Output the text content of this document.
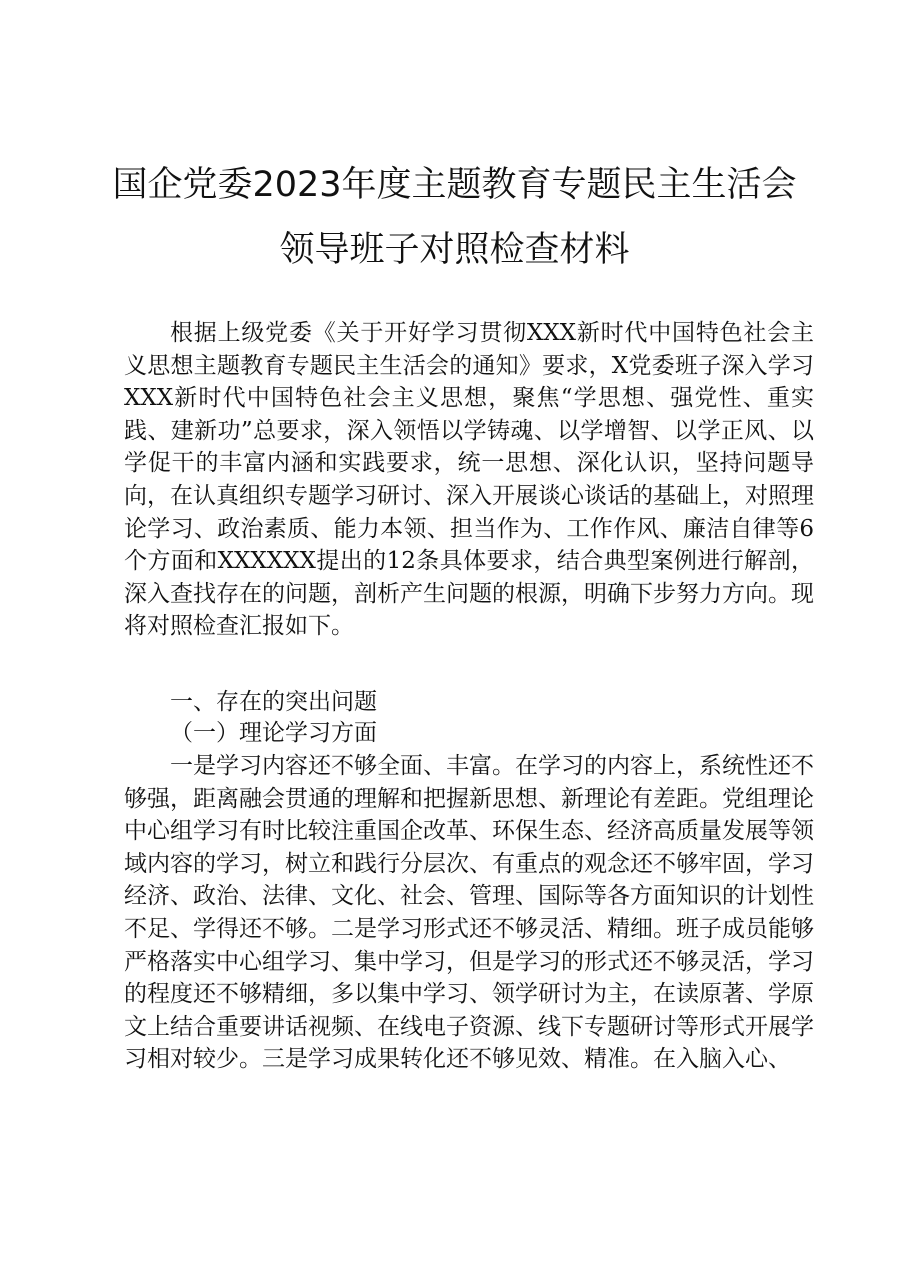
国企党委2023年度主题教育专题民主生活会
领导班子对照检查材料

根据上级党委《关于开好学习贯彻XXX新时代中国特色社会主义思想主题教育专题民主生活会的通知》要求，X党委班子深入学习XXX新时代中国特色社会主义思想，聚焦“学思想、强党性、重实践、建新功”总要求，深入领悟以学铸魂、以学增智、以学正风、以学促干的丰富内涵和实践要求，统一思想、深化认识，坚持问题导向，在认真组织专题学习研讨、深入开展谈心谈话的基础上，对照理论学习、政治素质、能力本领、担当作为、工作作风、廉洁自律等6个方面和XXXXXX提出的12条具体要求，结合典型案例进行解剖，深入查找存在的问题，剖析产生问题的根源，明确下步努力方向。现将对照检查汇报如下。

一、存在的突出问题
（一）理论学习方面

一是学习内容还不够全面、丰富。在学习的内容上，系统性还不够强，距离融会贯通的理解和把握新思想、新理论有差距。党组理论中心组学习有时比较注重国企改革、环保生态、经济高质量发展等领域内容的学习，树立和践行分层次、有重点的观念还不够牢固，学习经济、政治、法律、文化、社会、管理、国际等各方面知识的计划性不足、学得还不够。二是学习形式还不够灵活、精细。班子成员能够严格落实中心组学习、集中学习，但是学习的形式还不够灵活，学习的程度还不够精细，多以集中学习、领学研讨为主，在读原著、学原文上结合重要讲话视频、在线电子资源、线下专题研讨等形式开展学习相对较少。三是学习成果转化还不够见效、精准。在入脑入心、
